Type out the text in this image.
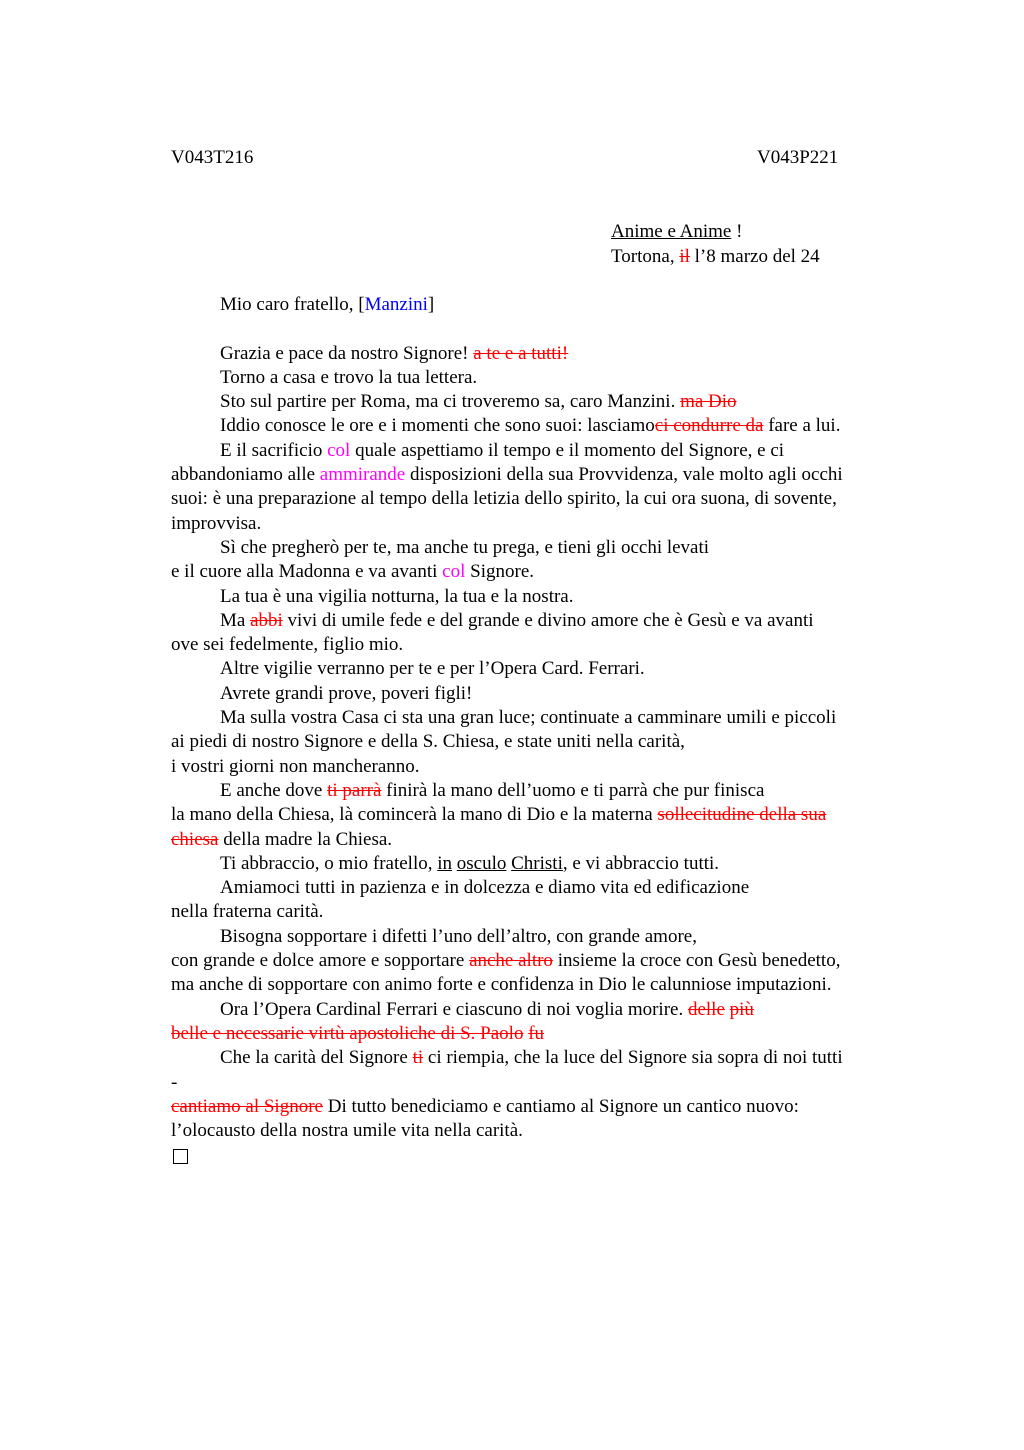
V043T216	V043P221
Anime e Anime !
Tortona, il l’8 marzo del 24

Mio caro fratello, [Manzini]

Grazia e pace da nostro Signore! a te e a tutti!

Torno a casa e trovo la tua lettera.

Sto sul partire per Roma, ma ci troveremo sa, caro Manzini. ma Dio

Iddio conosce le ore e i momenti che sono suoi: lasciamoci condurre da fare a lui.

E il sacrificio col quale aspettiamo il tempo e il momento del Signore, e ci

abbandoniamo alle ammirande disposizioni della sua Provvidenza, vale molto agli occhi

suoi: è una preparazione al tempo della letizia dello spirito, la cui ora suona, di sovente,

improvvisa.

Sì che pregherò per te, ma anche tu prega, e tieni gli occhi levati

e il cuore alla Madonna e va avanti col Signore.

La tua è una vigilia notturna, la tua e la nostra.

Ma abbi vivi di umile fede e del grande e divino amore che è Gesù e va avanti

ove sei fedelmente, figlio mio.

Altre vigilie verranno per te e per l’Opera Card. Ferrari.

Avrete grandi prove, poveri figli!

Ma sulla vostra Casa ci sta una gran luce; continuate a camminare umili e piccoli

ai piedi di nostro Signore e della S. Chiesa, e state uniti nella carità,

i vostri giorni non mancheranno.

E anche dove ti parrà finirà la mano dell’uomo e ti parrà che pur finisca

la mano della Chiesa, là comincerà la mano di Dio e la materna sollecitudine della sua

chiesa della madre la Chiesa.

Ti abbraccio, o mio fratello, in osculo Christi, e vi abbraccio tutti.

Amiamoci tutti in pazienza e in dolcezza e diamo vita ed edificazione

nella fraterna carità.

Bisogna sopportare i difetti l’uno dell’altro, con grande amore,

con grande e dolce amore e sopportare anche altro insieme la croce con Gesù benedetto,

ma anche di sopportare con animo forte e confidenza in Dio le calunniose imputazioni.

Ora l’Opera Cardinal Ferrari e ciascuno di noi voglia morire. delle più

belle e necessarie virtù apostoliche di S. Paolo fu

Che la carità del Signore ti ci riempia, che la luce del Signore sia sopra di noi tutti

-

cantiamo al Signore Di tutto benediciamo e cantiamo al Signore un cantico nuovo:

l’olocausto della nostra umile vita nella carità.
